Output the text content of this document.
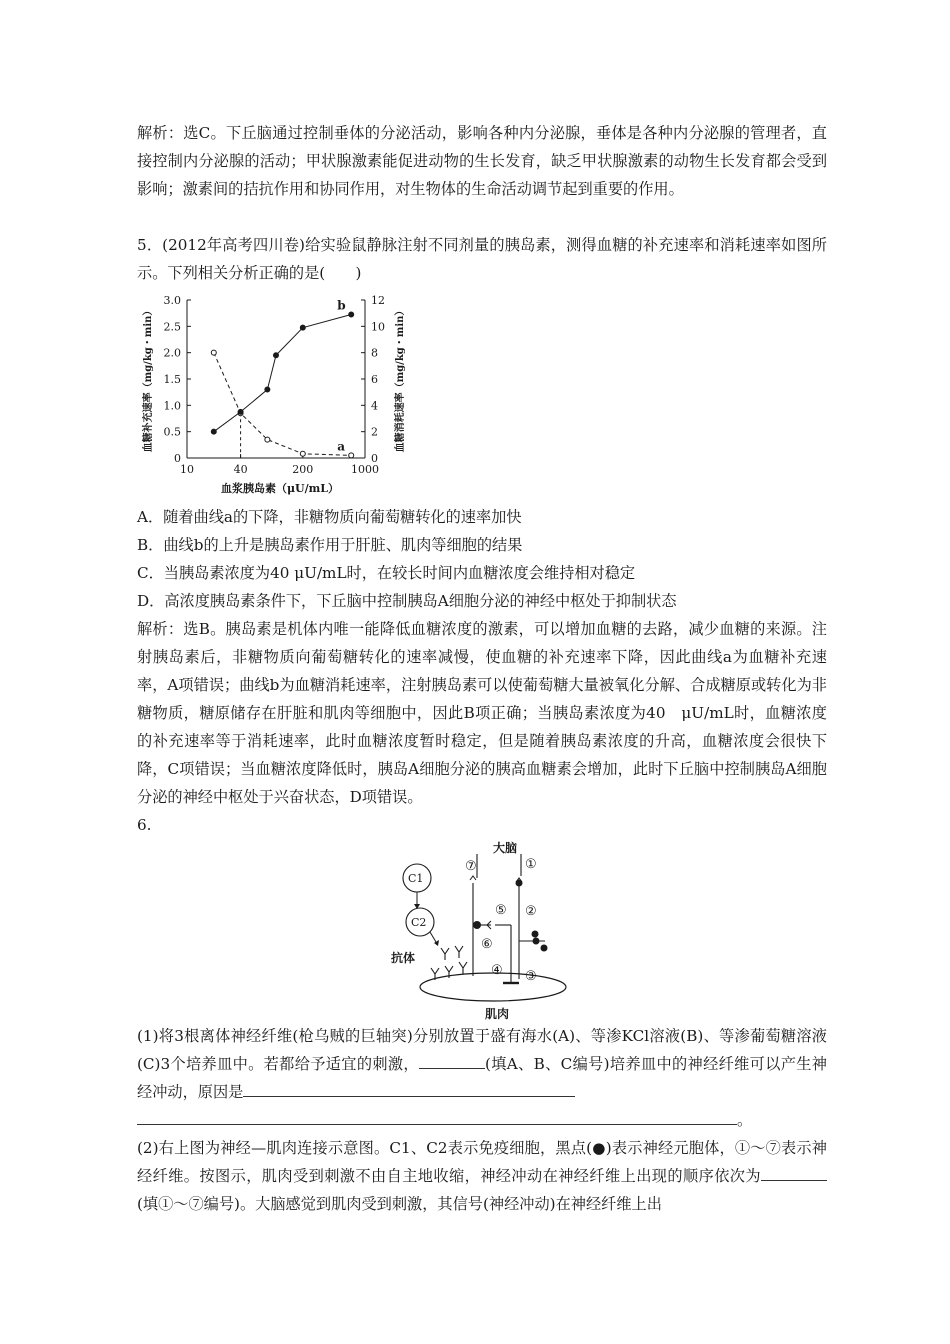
解析：选C。下丘脑通过控制垂体的分泌活动，影响各种内分泌腺，垂体是各种内分泌腺的管理者，直接控制内分泌腺的活动；甲状腺激素能促进动物的生长发育，缺乏甲状腺激素的动物生长发育都会受到影响；激素间的拮抗作用和协同作用，对生物体的生命活动调节起到重要的作用。
5．(2012年高考四川卷)给实验鼠静脉注射不同剂量的胰岛素，测得血糖的补充速率和消耗速率如图所示。下列相关分析正确的是(　　)
0
0.5
1.0
1.5
2.0
2.5
3.0
0
2
4
6
8
10
12
10	40	200	1000
血浆胰岛素（μU/mL）
血糖补充速率（mg/kg・min）	血糖消耗速率（mg/kg・min）
a
b
A．随着曲线a的下降，非糖物质向葡萄糖转化的速率加快
B．曲线b的上升是胰岛素作用于肝脏、肌肉等细胞的结果
C．当胰岛素浓度为40 μU/mL时，在较长时间内血糖浓度会维持相对稳定
D．高浓度胰岛素条件下，下丘脑中控制胰岛A细胞分泌的神经中枢处于抑制状态
解析：选B。胰岛素是机体内唯一能降低血糖浓度的激素，可以增加血糖的去路，减少血糖的来源。注射胰岛素后，非糖物质向葡萄糖转化的速率减慢，使血糖的补充速率下降，因此曲线a为血糖补充速率，A项错误；曲线b为血糖消耗速率，注射胰岛素可以使葡萄糖大量被氧化分解、合成糖原或转化为非糖物质，糖原储存在肝脏和肌肉等细胞中，因此B项正确；当胰岛素浓度为40　μU/mL时，血糖浓度的补充速率等于消耗速率，此时血糖浓度暂时稳定，但是随着胰岛素浓度的升高，血糖浓度会很快下降，C项错误；当血糖浓度降低时，胰岛A细胞分泌的胰高血糖素会增加，此时下丘脑中控制胰岛A细胞分泌的神经中枢处于兴奋状态，D项错误。
6.
肌肉
大脑
⑦	①
⑤ ②
⑥
④ ③
C1
C2
抗体
(1)将3根离体神经纤维(枪乌贼的巨轴突)分别放置于盛有海水(A)、等渗KCl溶液(B)、等渗葡萄糖溶液(C)3个培养皿中。若都给予适宜的刺激，	(填A、B、C编号)培养皿中的神经纤维可以产生神经冲动，原因是
。
(2)右上图为神经—肌肉连接示意图。C1、C2表示免疫细胞，黑点(●)表示神经元胞体，①～⑦表示神经纤维。按图示，肌肉受到刺激不由自主地收缩，神经冲动在神经纤维上出现的顺序依次为(填①～⑦编号)。大脑感觉到肌肉受到刺激，其信号(神经冲动)在神经纤维上出
